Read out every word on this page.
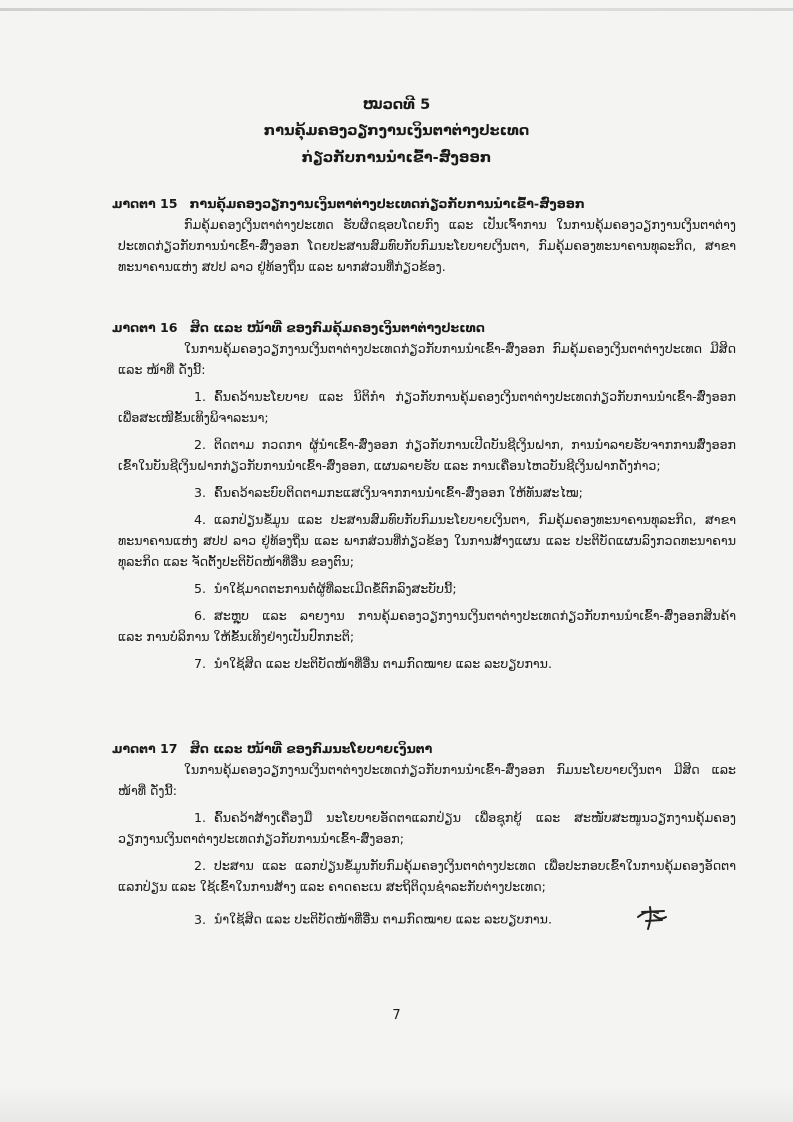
ໝວດທີ 5
ການຄຸ້ມຄອງວຽກງານເງິນຕາຕ່າງປະເທດ
ກ່ຽວກັບການນຳເຂົ້າ-ສົ່ງອອກ
ມາດຕາ 15 ການຄຸ້ມຄອງວຽກງານເງິນຕາຕ່າງປະເທດກ່ຽວກັບການນຳເຂົ້າ-ສົ່ງອອກ

ກົມຄຸ້ມຄອງເງິນຕາຕ່າງປະເທດ ຮັບຜິດຊອບໂດຍກົງ ແລະ ເປັນເຈົ້າການ ໃນການຄຸ້ມຄອງວຽກງານເງິນຕາຕ່າງປະເທດກ່ຽວກັບການນຳເຂົ້າ-ສົ່ງອອກ ໂດຍປະສານສົມທົບກັບກົມນະໂຍບາຍເງິນຕາ, ກົມຄຸ້ມຄອງທະນາຄານທຸລະກິດ, ສາຂາທະນາຄານແຫ່ງ ສປປ ລາວ ຢູ່ທ້ອງຖິ່ນ ແລະ ພາກສ່ວນທີ່ກ່ຽວຂ້ອງ.

ມາດຕາ 16 ສິດ ແລະ ໜ້າທີ່ ຂອງກົມຄຸ້ມຄອງເງິນຕາຕ່າງປະເທດ

ໃນການຄຸ້ມຄອງວຽກງານເງິນຕາຕ່າງປະເທດກ່ຽວກັບການນຳເຂົ້າ-ສົ່ງອອກ ກົມຄຸ້ມຄອງເງິນຕາຕ່າງປະເທດ ມີສິດ ແລະ ໜ້າທີ່ ດັ່ງນີ້:

1. ຄົ້ນຄວ້ານະໂຍບາຍ ແລະ ນິຕິກຳ ກ່ຽວກັບການຄຸ້ມຄອງເງິນຕາຕ່າງປະເທດກ່ຽວກັບການນຳເຂົ້າ-ສົ່ງອອກ ເພື່ອສະເໜີຂັ້ນເທິງພິຈາລະນາ;

2. ຕິດຕາມ ກວດກາ ຜູ້ນຳເຂົ້າ-ສົ່ງອອກ ກ່ຽວກັບການເປີດບັນຊີເງິນຝາກ, ການນຳລາຍຮັບຈາກການສົ່ງອອກ ເຂົ້າໃນບັນຊີເງິນຝາກກ່ຽວກັບການນຳເຂົ້າ-ສົ່ງອອກ, ແຜນລາຍຮັບ ແລະ ການເຄື່ອນໄຫວບັນຊີເງິນຝາກດັ່ງກ່າວ;

3. ຄົ້ນຄວ້າລະບົບຕິດຕາມກະແສເງິນຈາກການນຳເຂົ້າ-ສົ່ງອອກ ໃຫ້ທັນສະໄໝ;

4. ແລກປ່ຽນຂໍ້ມູນ ແລະ ປະສານສົມທົບກັບກົມນະໂຍບາຍເງິນຕາ, ກົມຄຸ້ມຄອງທະນາຄານທຸລະກິດ, ສາຂາທະນາຄານແຫ່ງ ສປປ ລາວ ຢູ່ທ້ອງຖິ່ນ ແລະ ພາກສ່ວນທີ່ກ່ຽວຂ້ອງ ໃນການສ້າງແຜນ ແລະ ປະຕິບັດແຜນລົງກວດທະນາຄານທຸລະກິດ ແລະ ຈັດຕັ້ງປະຕິບັດໜ້າທີ່ອື່ນ ຂອງຕົນ;

5. ນຳໃຊ້ມາດຕະການຕໍ່ຜູ້ທີ່ລະເມີດຂໍ້ຕົກລົງສະບັບນີ້;

6. ສະຫຼຸບ ແລະ ລາຍງານ ການຄຸ້ມຄອງວຽກງານເງິນຕາຕ່າງປະເທດກ່ຽວກັບການນຳເຂົ້າ-ສົ່ງອອກສິນຄ້າ ແລະ ການບໍລິການ ໃຫ້ຂັ້ນເທິງຢ່າງເປັນປົກກະຕິ;

7. ນຳໃຊ້ສິດ ແລະ ປະຕິບັດໜ້າທີ່ອື່ນ ຕາມກົດໝາຍ ແລະ ລະບຽບການ.

ມາດຕາ 17 ສິດ ແລະ ໜ້າທີ່ ຂອງກົມນະໂຍບາຍເງິນຕາ

ໃນການຄຸ້ມຄອງວຽກງານເງິນຕາຕ່າງປະເທດກ່ຽວກັບການນຳເຂົ້າ-ສົ່ງອອກ ກົມນະໂຍບາຍເງິນຕາ ມີສິດ ແລະ ໜ້າທີ່ ດັ່ງນີ້:

1. ຄົ້ນຄວ້າສ້າງເຄື່ອງມື ນະໂຍບາຍອັດຕາແລກປ່ຽນ ເພື່ອຊຸກຍູ້ ແລະ ສະໜັບສະໜູນວຽກງານຄຸ້ມຄອງວຽກງານເງິນຕາຕ່າງປະເທດກ່ຽວກັບການນຳເຂົ້າ-ສົ່ງອອກ;

2. ປະສານ ແລະ ແລກປ່ຽນຂໍ້ມູນກັບກົມຄຸ້ມຄອງເງິນຕາຕ່າງປະເທດ ເພື່ອປະກອບເຂົ້າໃນການຄຸ້ມຄອງອັດຕາແລກປ່ຽນ ແລະ ໃຊ້ເຂົ້າໃນການສ້າງ ແລະ ຄາດຄະເນ ສະຖິຕິດຸນຊຳລະກັບຕ່າງປະເທດ;

3. ນຳໃຊ້ສິດ ແລະ ປະຕິບັດໜ້າທີ່ອື່ນ ຕາມກົດໝາຍ ແລະ ລະບຽບການ.

7
